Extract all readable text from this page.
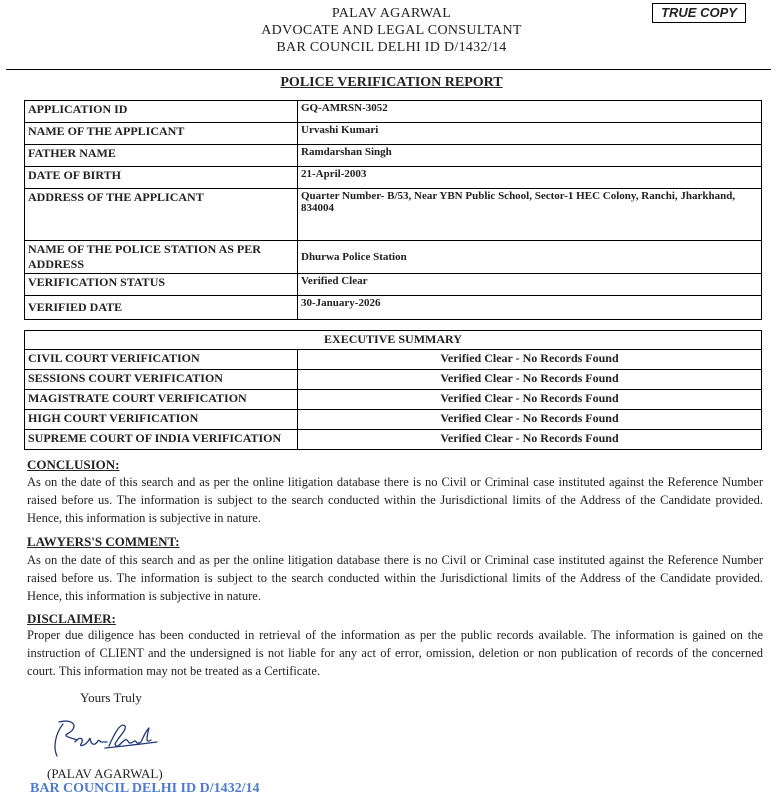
PALAV AGARWAL
ADVOCATE AND LEGAL CONSULTANT
BAR COUNCIL DELHI ID D/1432/14
TRUE COPY
POLICE VERIFICATION REPORT
APPLICATION ID	GQ-AMRSN-3052
NAME OF THE APPLICANT	Urvashi Kumari
FATHER NAME	Ramdarshan Singh
DATE OF BIRTH	21-April-2003
ADDRESS OF THE APPLICANT	Quarter Number- B/53, Near YBN Public School, Sector-1 HEC Colony, Ranchi, Jharkhand, 834004
NAME OF THE POLICE STATION AS PER ADDRESS	Dhurwa Police Station
VERIFICATION STATUS	Verified Clear
VERIFIED DATE	30-January-2026
EXECUTIVE SUMMARY	
CIVIL COURT VERIFICATION	Verified Clear - No Records Found
SESSIONS COURT VERIFICATION	Verified Clear - No Records Found
MAGISTRATE COURT VERIFICATION	Verified Clear - No Records Found
HIGH COURT VERIFICATION	Verified Clear - No Records Found
SUPREME COURT OF INDIA VERIFICATION	Verified Clear - No Records Found
CONCLUSION:
As on the date of this search and as per the online litigation database there is no Civil or Criminal case instituted against the Reference Number raised before us. The information is subject to the search conducted within the Jurisdictional limits of the Address of the Candidate provided. Hence, this information is subjective in nature.
LAWYERS'S COMMENT:
As on the date of this search and as per the online litigation database there is no Civil or Criminal case instituted against the Reference Number raised before us. The information is subject to the search conducted within the Jurisdictional limits of the Address of the Candidate provided. Hence, this information is subjective in nature.
DISCLAIMER:
Proper due diligence has been conducted in retrieval of the information as per the public records available. The information is gained on the instruction of CLIENT and the undersigned is not liable for any act of error, omission, deletion or non publication of records of the concerned court. This information may not be treated as a Certificate.
Yours Truly
(PALAV AGARWAL)
BAR COUNCIL DELHI ID D/1432/14
